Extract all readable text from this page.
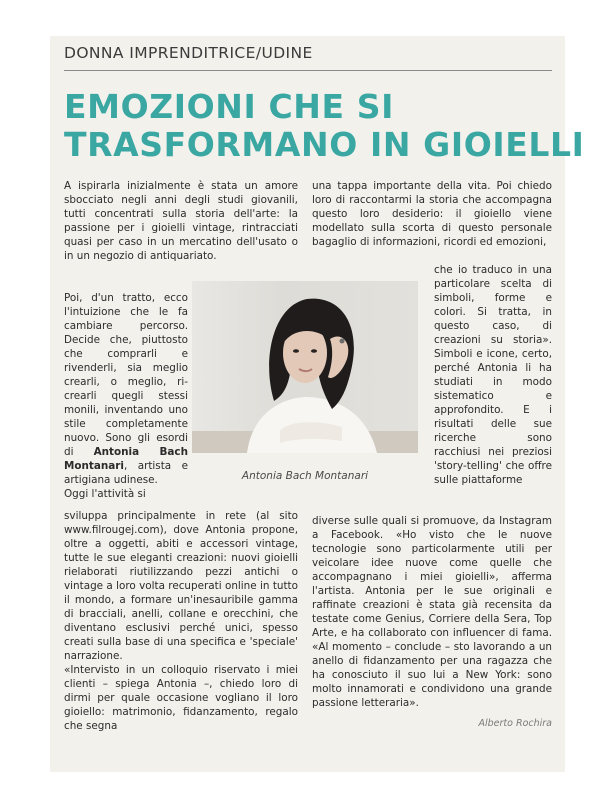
DONNA IMPRENDITRICE/UDINE
EMOZIONI CHE SI
TRASFORMANO IN GIOIELLI

A ispirarla inizialmente è stata un amore sbocciato negli anni degli studi giovanili, tutti concentrati sulla storia dell'arte: la passione per i gioielli vintage, rintracciati quasi per caso in un mercatino dell'usato o in un negozio di antiquariato.

Poi, d'un tratto, ecco l'intuizione che le fa cambiare percorso. Decide che, piuttosto che comprarli e rivenderli, sia meglio crearli, o meglio, ri-crearli quegli stessi monili, inventando uno stile completamente nuovo. Sono gli esordi di Antonia Bach Montanari, artista e artigiana udinese.

Oggi l'attività si

sviluppa principalmente in rete (al sito www.filrougej.com), dove Antonia propone, oltre a oggetti, abiti e accessori vintage, tutte le sue eleganti creazioni: nuovi gioielli rielaborati riutilizzando pezzi antichi o vintage a loro volta recuperati online in tutto il mondo, a formare un'inesauribile gamma di bracciali, anelli, collane e orecchini, che diventano esclusivi perché unici, spesso creati sulla base di una specifica e 'speciale' narrazione.

«Intervisto in un colloquio riservato i miei clienti – spiega Antonia –, chiedo loro di dirmi per quale occasione vogliano il loro gioiello: matrimonio, fidanzamento, regalo che segna

Antonia Bach Montanari

una tappa importante della vita. Poi chiedo loro di raccontarmi la storia che accompagna questo loro desiderio: il gioiello viene modellato sulla scorta di questo personale bagaglio di informazioni, ricordi ed emozioni,

che io traduco in una particolare scelta di simboli, forme e colori. Si tratta, in questo caso, di creazioni su storia». Simboli e icone, certo, perché Antonia li ha studiati in modo sistematico e approfondito. E i risultati delle sue ricerche sono racchiusi nei preziosi 'story-telling' che offre sulle piattaforme

diverse sulle quali si promuove, da Instagram a Facebook. «Ho visto che le nuove tecnologie sono particolarmente utili per veicolare idee nuove come quelle che accompagnano i miei gioielli», afferma l'artista. Antonia per le sue originali e raffinate creazioni è stata già recensita da testate come Genius, Corriere della Sera, Top Arte, e ha collaborato con influencer di fama. «Al momento – conclude – sto lavorando a un anello di fidanzamento per una ragazza che ha conosciuto il suo lui a New York: sono molto innamorati e condividono una grande passione letteraria».

Alberto Rochira
